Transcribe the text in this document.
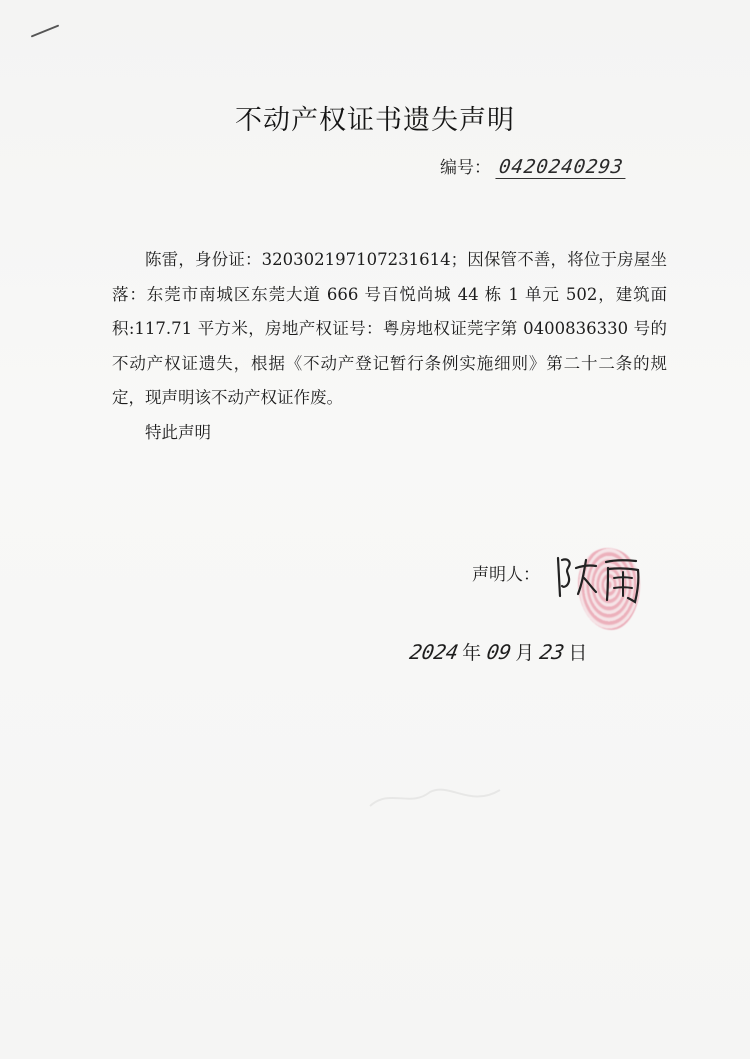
不动产权证书遗失声明
编号： 0420240293

陈雷，身份证：320302197107231614；因保管不善，将位于房屋坐落：东莞市南城区东莞大道 666 号百悦尚城 44 栋 1 单元 502，建筑面积:117.71 平方米，房地产权证号：粤房地权证莞字第 0400836330 号的不动产权证遗失，根据《不动产登记暂行条例实施细则》第二十二条的规定，现声明该不动产权证作废。

特此声明

声明人：
2024年 09月 23日
